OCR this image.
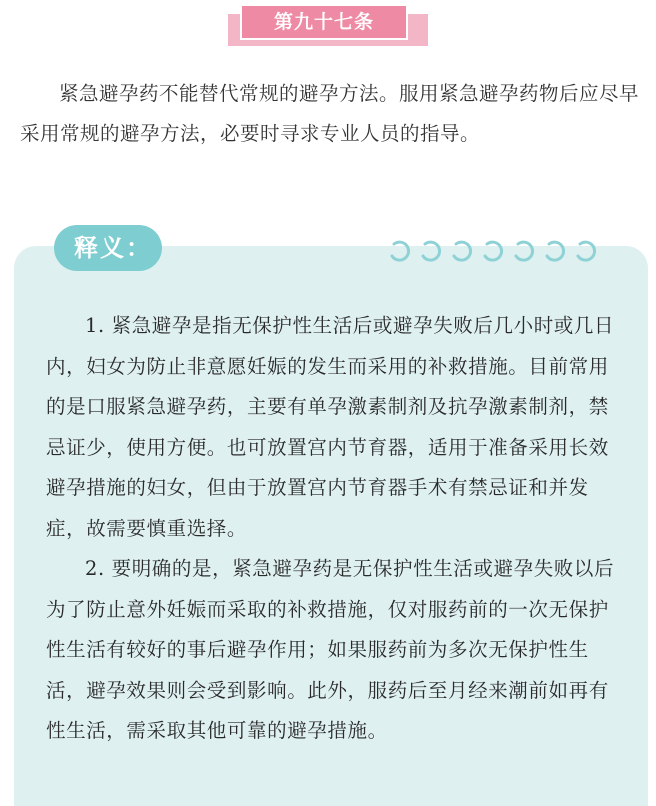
第九十七条
紧急避孕药不能替代常规的避孕方法。服用紧急避孕药物后应尽早采用常规的避孕方法，必要时寻求专业人员的指导。
释义：

1. 紧急避孕是指无保护性生活后或避孕失败后几小时或几日内，妇女为防止非意愿妊娠的发生而采用的补救措施。目前常用的是口服紧急避孕药，主要有单孕激素制剂及抗孕激素制剂，禁忌证少，使用方便。也可放置宫内节育器，适用于准备采用长效避孕措施的妇女，但由于放置宫内节育器手术有禁忌证和并发症，故需要慎重选择。

2. 要明确的是，紧急避孕药是无保护性生活或避孕失败以后为了防止意外妊娠而采取的补救措施，仅对服药前的一次无保护性生活有较好的事后避孕作用；如果服药前为多次无保护性生活，避孕效果则会受到影响。此外，服药后至月经来潮前如再有性生活，需采取其他可靠的避孕措施。
